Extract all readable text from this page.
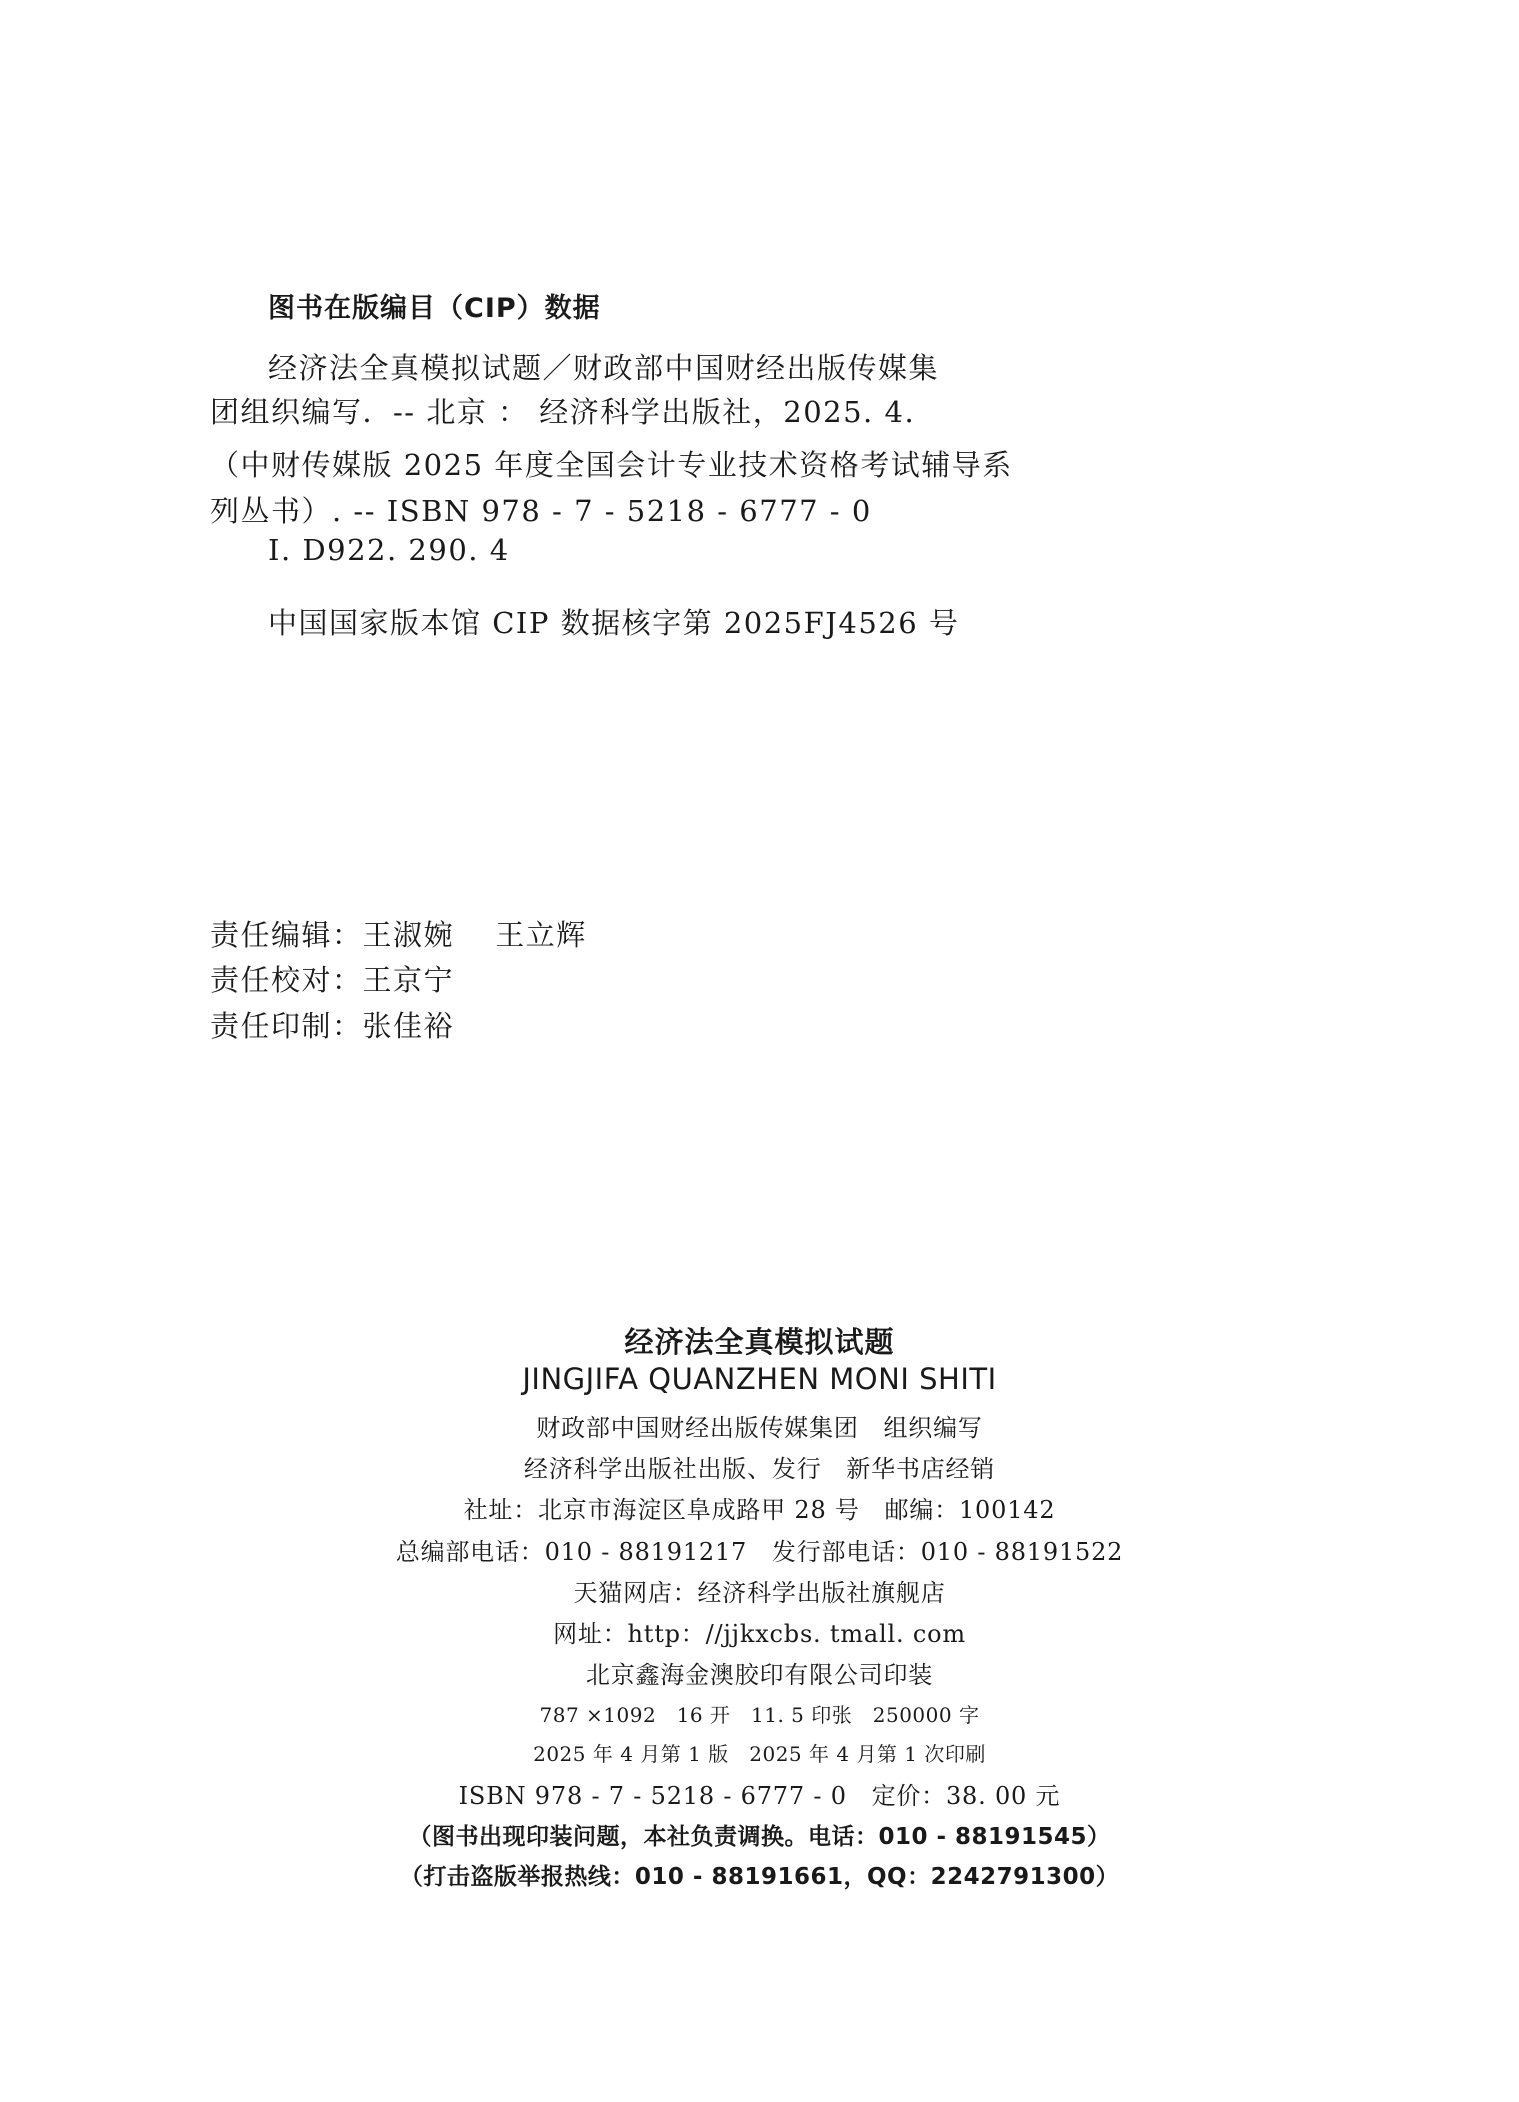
图书在版编目（CIP）数据
经济法全真模拟试题／财政部中国财经出版传媒集
团组织编写．-- 北京 ： 经济科学出版社，2025. 4.
（中财传媒版 2025 年度全国会计专业技术资格考试辅导系
列丛书）. -- ISBN 978 - 7 - 5218 - 6777 - 0
Ⅰ. D922. 290. 4
中国国家版本馆 CIP 数据核字第 2025FJ4526 号
责任编辑：王淑婉　 王立辉
责任校对：王京宁
责任印制：张佳裕
经济法全真模拟试题
JINGJIFA QUANZHEN MONI SHITI
财政部中国财经出版传媒集团　组织编写
经济科学出版社出版、发行　新华书店经销
社址：北京市海淀区阜成路甲 28 号　邮编：100142
总编部电话：010 - 88191217　发行部电话：010 - 88191522
天猫网店：经济科学出版社旗舰店
网址：http：//jjkxcbs. tmall. com
北京鑫海金澳胶印有限公司印装
787 ×1092　16 开　11. 5 印张　250000 字
2025 年 4 月第 1 版　2025 年 4 月第 1 次印刷
ISBN 978 - 7 - 5218 - 6777 - 0　定价：38. 00 元
（图书出现印装问题，本社负责调换。电话：010 - 88191545）
（打击盗版举报热线：010 - 88191661，QQ：2242791300）
